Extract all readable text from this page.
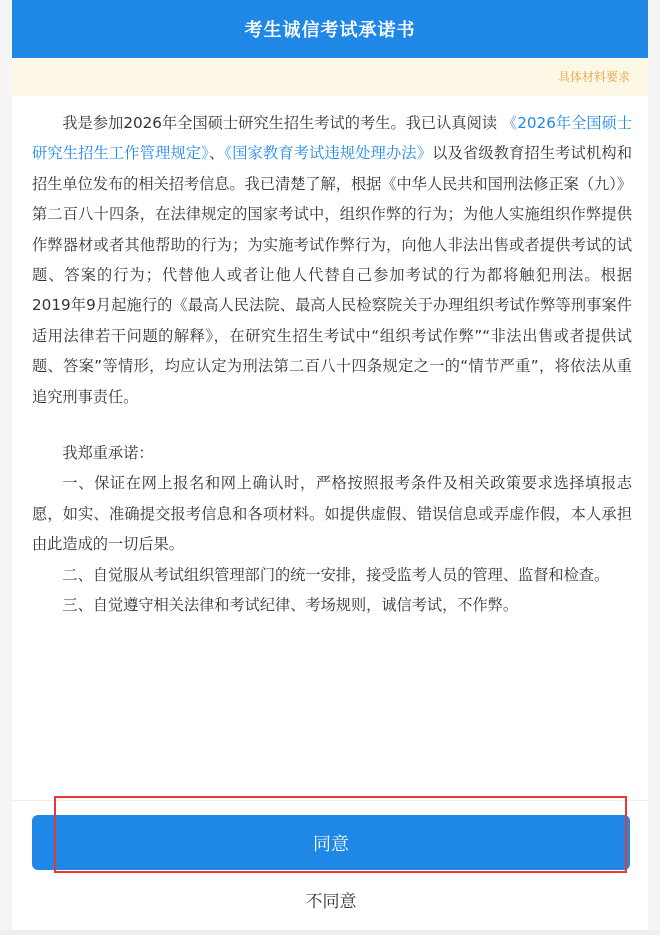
考生诚信考试承诺书
具体材料要求

我是参加2026年全国硕士研究生招生考试的考生。我已认真阅读 《2026年全国硕士研究生招生工作管理规定》、《国家教育考试违规处理办法》以及省级教育招生考试机构和招生单位发布的相关招考信息。我已清楚了解，根据《中华人民共和国刑法修正案（九）》第二百八十四条，在法律规定的国家考试中，组织作弊的行为；为他人实施组织作弊提供作弊器材或者其他帮助的行为；为实施考试作弊行为，向他人非法出售或者提供考试的试题、答案的行为；代替他人或者让他人代替自己参加考试的行为都将触犯刑法。根据2019年9月起施行的《最高人民法院、最高人民检察院关于办理组织考试作弊等刑事案件适用法律若干问题的解释》，在研究生招生考试中“组织考试作弊”“非法出售或者提供试题、答案”等情形，均应认定为刑法第二百八十四条规定之一的“情节严重”，将依法从重追究刑事责任。

我郑重承诺：

一、保证在网上报名和网上确认时，严格按照报考条件及相关政策要求选择填报志愿，如实、准确提交报考信息和各项材料。如提供虚假、错误信息或弄虚作假，本人承担由此造成的一切后果。

二、自觉服从考试组织管理部门的统一安排，接受监考人员的管理、监督和检查。

三、自觉遵守相关法律和考试纪律、考场规则，诚信考试，不作弊。

同意
不同意
